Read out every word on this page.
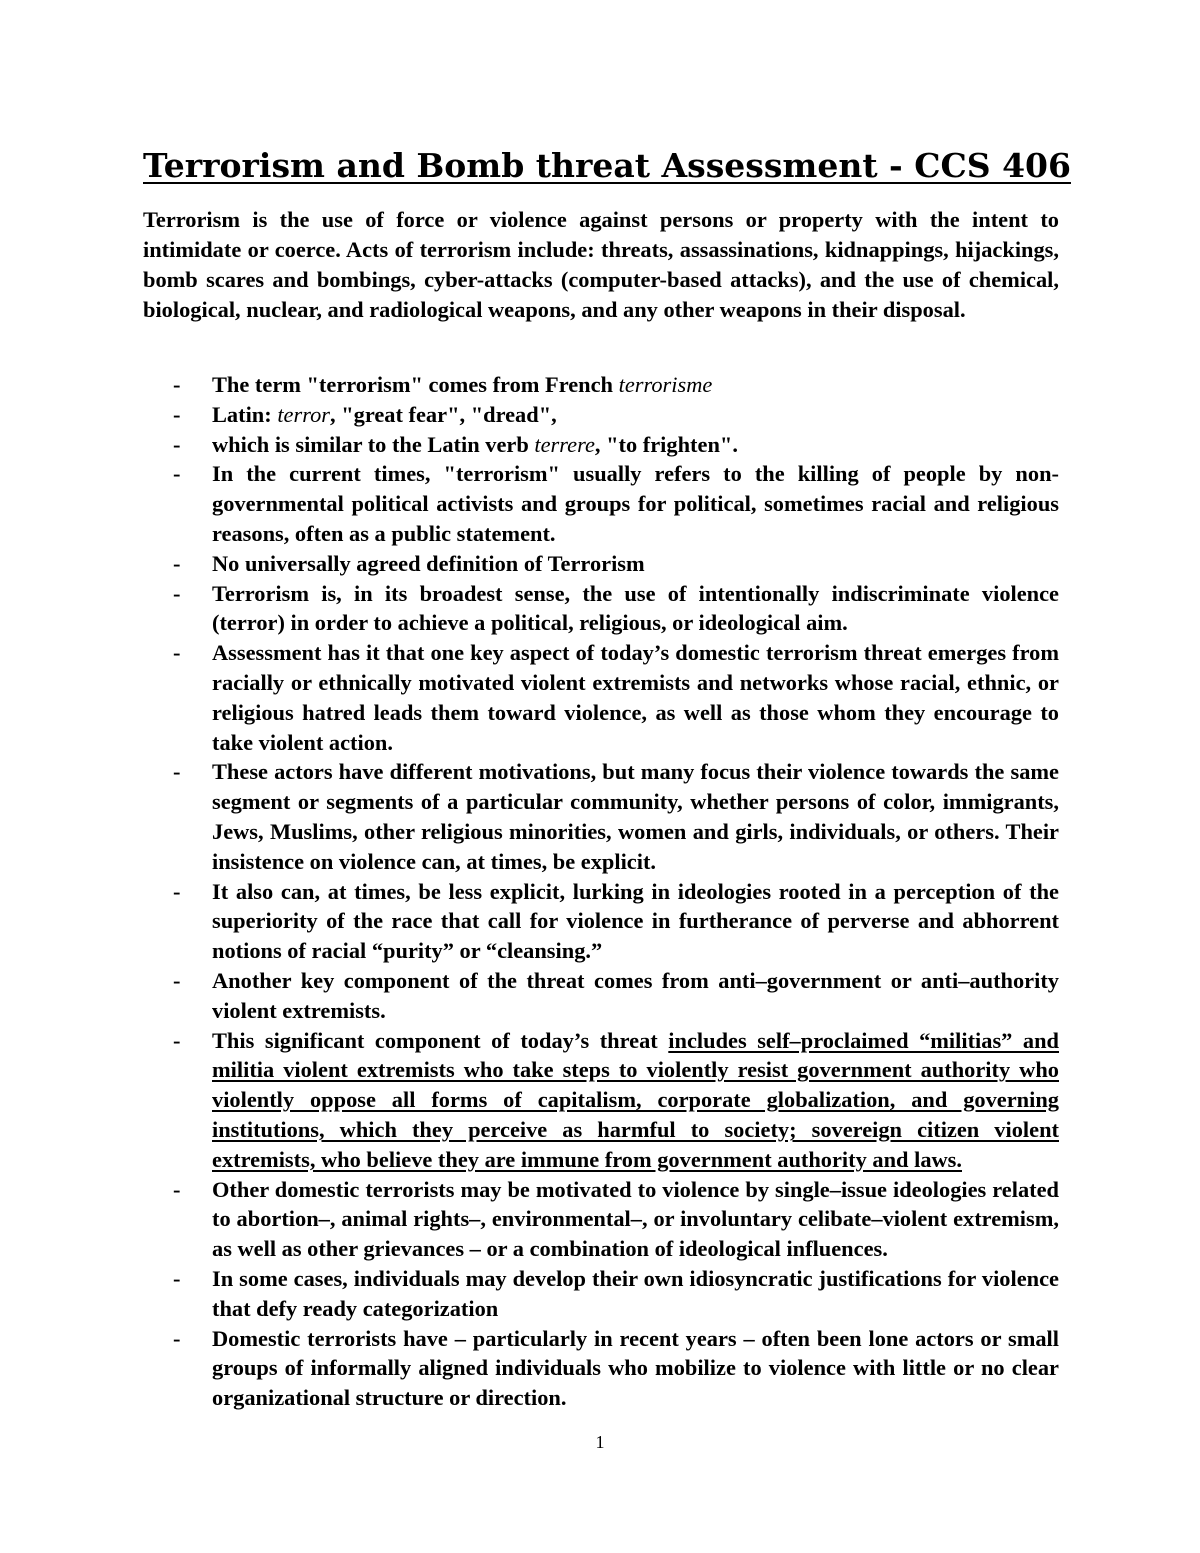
Terrorism and Bomb threat Assessment - CCS 406

Terrorism is the use of force or violence against persons or property with the intent to intimidate or coerce. Acts of terrorism include: threats, assassinations, kidnappings, hijackings, bomb scares and bombings, cyber-attacks (computer-based attacks), and the use of chemical, biological, nuclear, and radiological weapons, and any other weapons in their disposal.

- The term "terrorism" comes from French terrorisme
- Latin: terror, "great fear", "dread",
- which is similar to the Latin verb terrere, "to frighten".
- In the current times, "terrorism" usually refers to the killing of people by non-governmental political activists and groups for political, sometimes racial and religious reasons, often as a public statement.
- No universally agreed definition of Terrorism
- Terrorism is, in its broadest sense, the use of intentionally indiscriminate violence (terror) in order to achieve a political, religious, or ideological aim.
- Assessment has it that one key aspect of today’s domestic terrorism threat emerges from racially or ethnically motivated violent extremists and networks whose racial, ethnic, or religious hatred leads them toward violence, as well as those whom they encourage to take violent action.
- These actors have different motivations, but many focus their violence towards the same segment or segments of a particular community, whether persons of color, immigrants, Jews, Muslims, other religious minorities, women and girls, individuals, or others. Their insistence on violence can, at times, be explicit.
- It also can, at times, be less explicit, lurking in ideologies rooted in a perception of the superiority of the race that call for violence in furtherance of perverse and abhorrent notions of racial “purity” or “cleansing.”
- Another key component of the threat comes from anti–government or anti–authority violent extremists.
- This significant component of today’s threat includes self–proclaimed “militias” and militia violent extremists who take steps to violently resist government authority who violently oppose all forms of capitalism, corporate globalization, and governing institutions, which they perceive as harmful to society; sovereign citizen violent extremists, who believe they are immune from government authority and laws.
- Other domestic terrorists may be motivated to violence by single–issue ideologies related to abortion–, animal rights–, environmental–, or involuntary celibate–violent extremism, as well as other grievances – or a combination of ideological influences.
- In some cases, individuals may develop their own idiosyncratic justifications for violence that defy ready categorization
- Domestic terrorists have – particularly in recent years – often been lone actors or small groups of informally aligned individuals who mobilize to violence with little or no clear organizational structure or direction.
1
